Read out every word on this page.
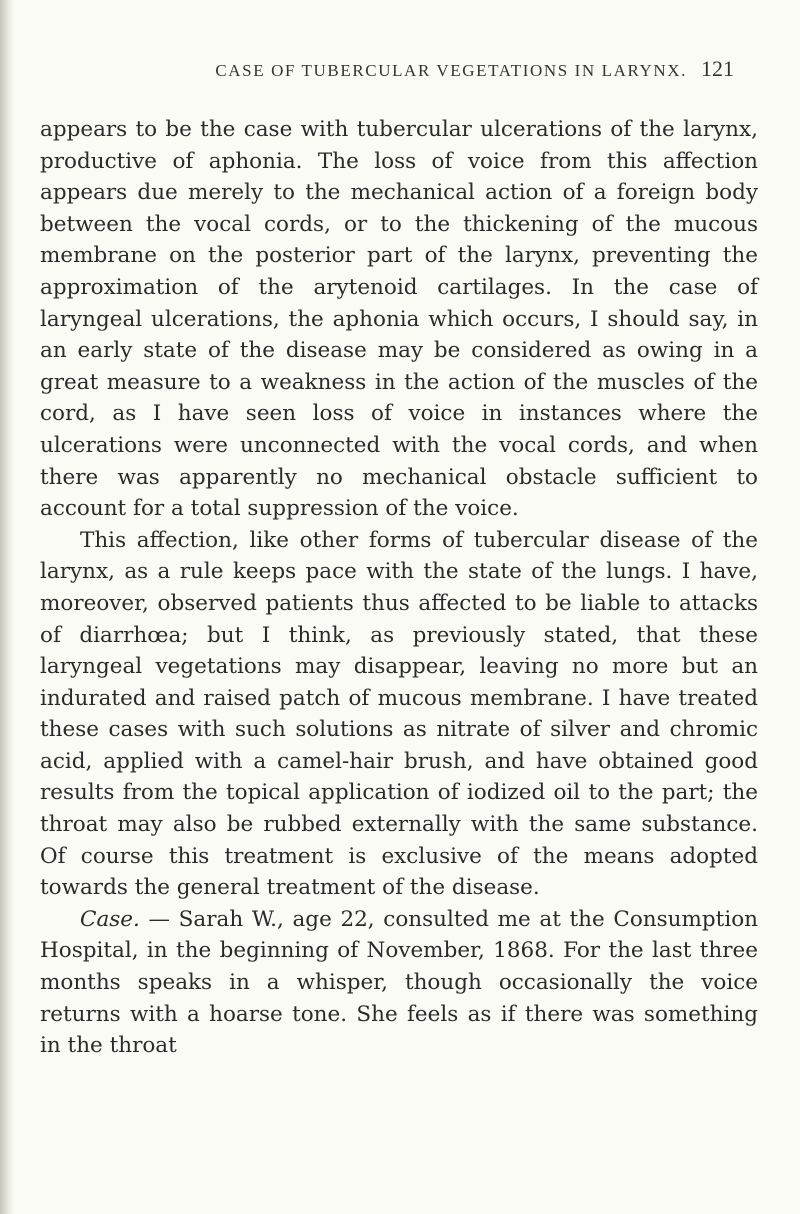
CASE OF TUBERCULAR VEGETATIONS IN LARYNX. 121

appears to be the case with tubercular ulcerations of the larynx, productive of aphonia. The loss of voice from this affection appears due merely to the mechanical action of a foreign body between the vocal cords, or to the thickening of the mucous membrane on the posterior part of the larynx, preventing the approximation of the arytenoid cartilages. In the case of laryngeal ulcerations, the aphonia which occurs, I should say, in an early state of the disease may be considered as owing in a great measure to a weakness in the action of the muscles of the cord, as I have seen loss of voice in instances where the ulcerations were unconnected with the vocal cords, and when there was apparently no mechanical obstacle sufficient to account for a total suppression of the voice.

This affection, like other forms of tubercular disease of the larynx, as a rule keeps pace with the state of the lungs. I have, moreover, observed patients thus affected to be liable to attacks of diarrhœa; but I think, as previously stated, that these laryngeal vegetations may disappear, leaving no more but an indurated and raised patch of mucous membrane. I have treated these cases with such solutions as nitrate of silver and chromic acid, applied with a camel-hair brush, and have obtained good results from the topical application of iodized oil to the part; the throat may also be rubbed externally with the same substance. Of course this treatment is exclusive of the means adopted towards the general treatment of the disease.

Case. — Sarah W., age 22, consulted me at the Consumption Hospital, in the beginning of November, 1868. For the last three months speaks in a whisper, though occasionally the voice returns with a hoarse tone. She feels as if there was something in the throat
